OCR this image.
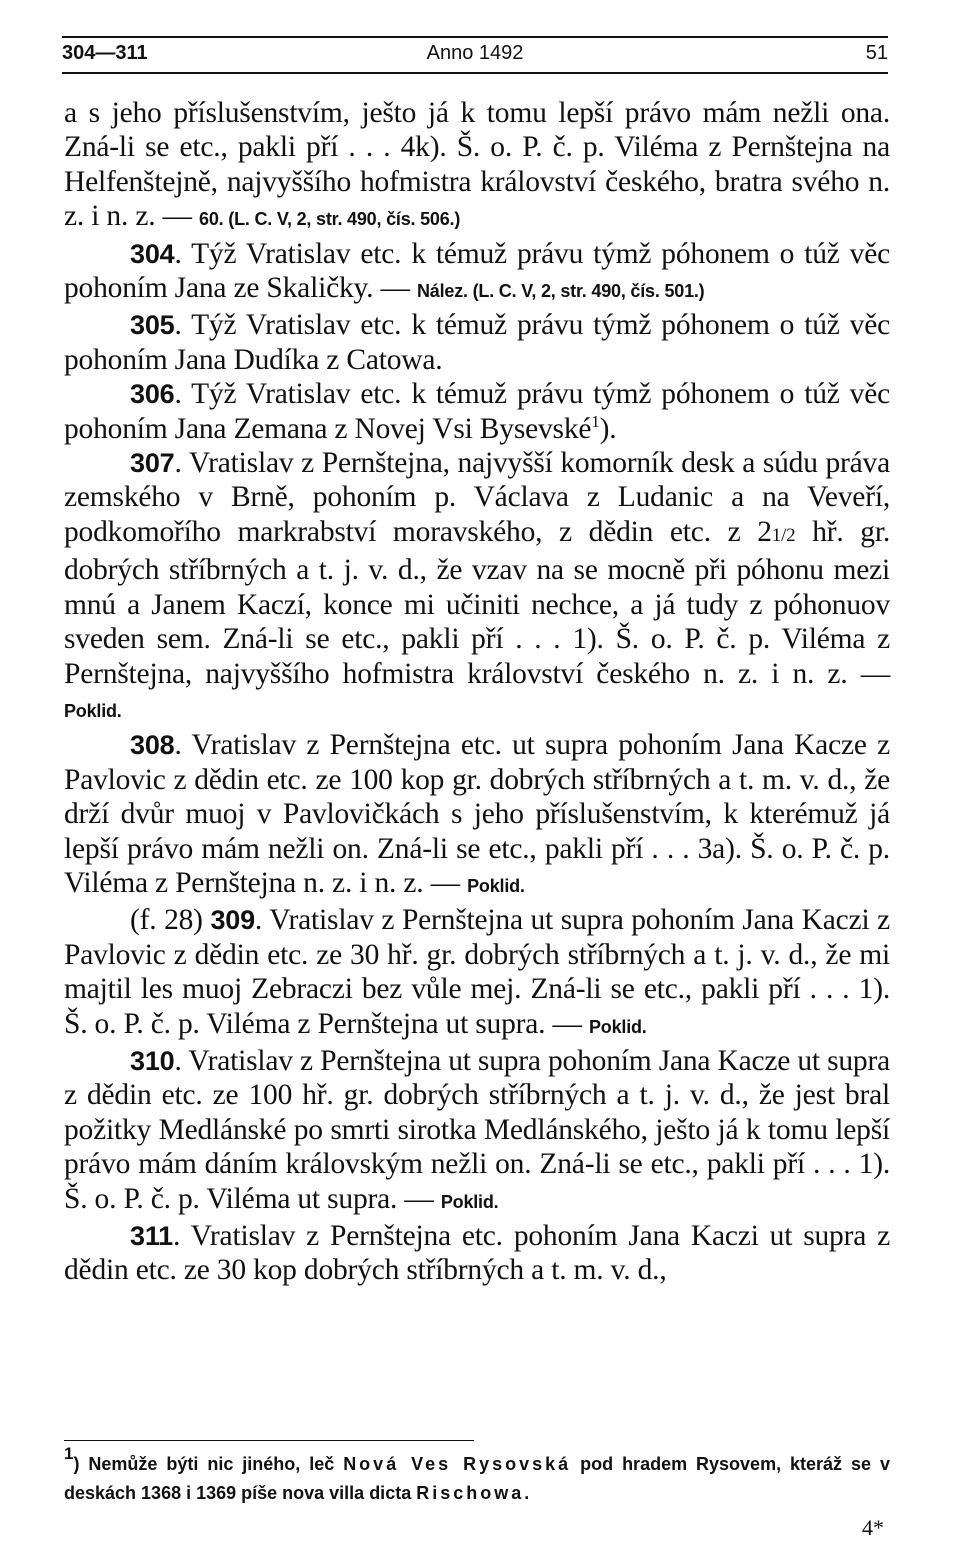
304—311	Anno 1492	51

a s jeho příslušenstvím, ješto já k tomu lepší právo mám nežli ona. Zná-li se etc., pakli pří . . . 4k). Š. o. P. č. p. Viléma z Pernštejna na Helfenštejně, najvyššího hofmistra království českého, bratra svého n. z. i n. z. — 60. (L. C. V, 2, str. 490, čís. 506.)

304. Týž Vratislav etc. k témuž právu týmž póhonem o túž věc pohoním Jana ze Skaličky. — Nález. (L. C. V, 2, str. 490, čís. 501.)

305. Týž Vratislav etc. k témuž právu týmž póhonem o túž věc pohoním Jana Dudíka z Catowa.

306. Týž Vratislav etc. k témuž právu týmž póhonem o túž věc pohoním Jana Zemana z Novej Vsi Bysevské$^1$).

307. Vratislav z Pernštejna, najvyšší komorník desk a súdu práva zemského v Brně, pohoním p. Václava z Ludanic a na Veveří, podkomořího markrabství moravského, z dědin etc. z 21/2 hř. gr. dobrých stříbrných a t. j. v. d., že vzav na se mocně při póhonu mezi mnú a Janem Kaczí, konce mi učiniti nechce, a já tudy z póhonuov sveden sem. Zná-li se etc., pakli pří . . . 1). Š. o. P. č. p. Viléma z Pernštejna, najvyššího hofmistra království českého n. z. i n. z. — Poklid.

308. Vratislav z Pernštejna etc. ut supra pohoním Jana Kacze z Pavlovic z dědin etc. ze 100 kop gr. dobrých stříbrných a t. m. v. d., že drží dvůr muoj v Pavlovičkách s jeho příslušenstvím, k kterémuž já lepší právo mám nežli on. Zná-li se etc., pakli pří . . . 3a). Š. o. P. č. p. Viléma z Pernštejna n. z. i n. z. — Poklid.

(f. 28) 309. Vratislav z Pernštejna ut supra pohoním Jana Kaczi z Pavlovic z dědin etc. ze 30 hř. gr. dobrých stříbrných a t. j. v. d., že mi majtil les muoj Zebraczi bez vůle mej. Zná-li se etc., pakli pří . . . 1). Š. o. P. č. p. Viléma z Pernštejna ut supra. — Poklid.

310. Vratislav z Pernštejna ut supra pohoním Jana Kacze ut supra z dědin etc. ze 100 hř. gr. dobrých stříbrných a t. j. v. d., že jest bral požitky Medlánské po smrti sirotka Medlánského, ješto já k tomu lepší právo mám dáním královským nežli on. Zná-li se etc., pakli pří . . . 1). Š. o. P. č. p. Viléma ut supra. — Poklid.

311. Vratislav z Pernštejna etc. pohoním Jana Kaczi ut supra z dědin etc. ze 30 kop dobrých stříbrných a t. m. v. d.,

1) Nemůže býti nic jiného, leč Nová Ves Rysovská pod hradem Rysovem, kteráž se v deskách 1368 i 1369 píše nova villa dicta Rischowa.
4*
